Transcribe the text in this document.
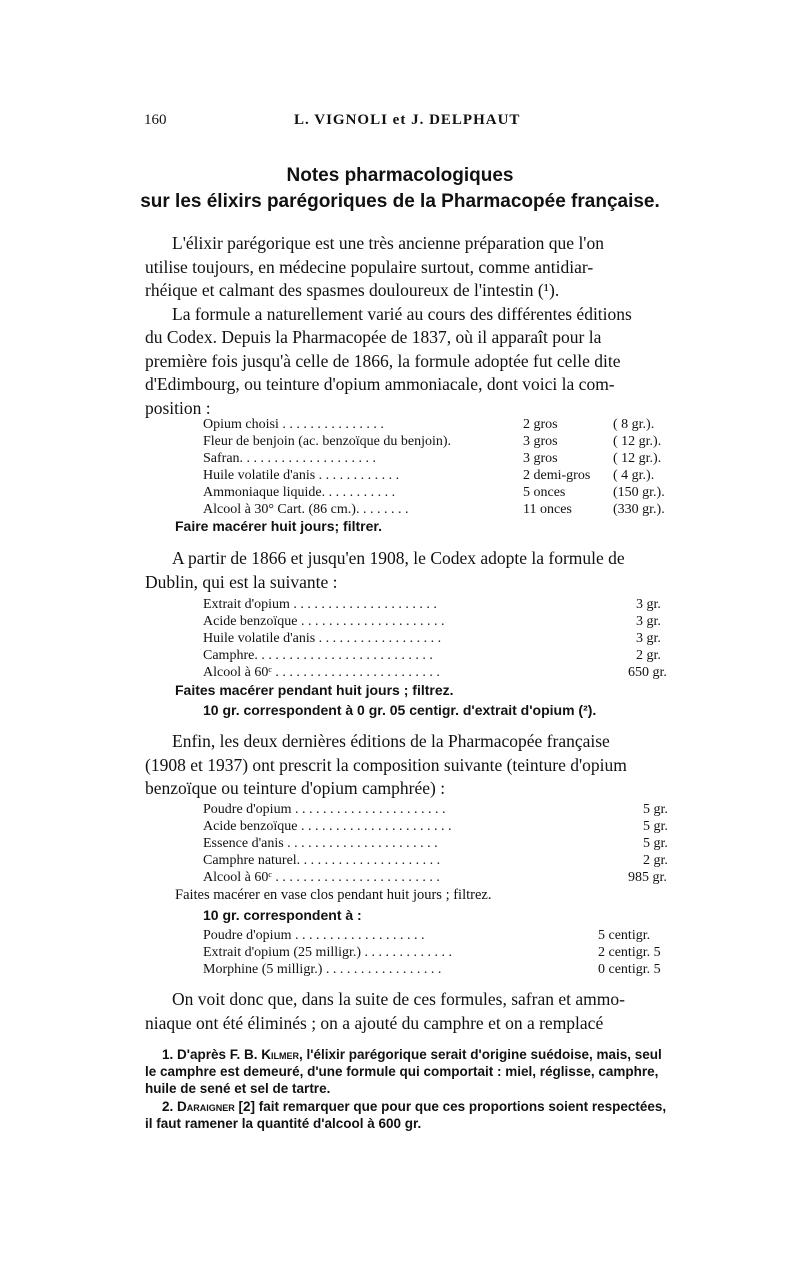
160	L. VIGNOLI et J. DELPHAUT
Notes pharmacologiques
sur les élixirs parégoriques de la Pharmacopée française.
L'élixir parégorique est une très ancienne préparation que l'on
utilise toujours, en médecine populaire surtout, comme antidiar-
rhéique et calmant des spasmes douloureux de l'intestin (¹).
La formule a naturellement varié au cours des différentes éditions
du Codex. Depuis la Pharmacopée de 1837, où il apparaît pour la
première fois jusqu'à celle de 1866, la formule adoptée fut celle dite
d'Edimbourg, ou teinture d'opium ammoniacale, dont voici la com-
position :
Opium choisi . . . . . . . . . . . . . . .	2 gros	( 8 gr.).
Fleur de benjoin (ac. benzoïque du benjoin).	3 gros	( 12 gr.).
Safran. . . . . . . . . . . . . . . . . . . .	3 gros	( 12 gr.).
Huile volatile d'anis . . . . . . . . . . . .	2 demi-gros ( 4 gr.).
Ammoniaque liquide. . . . . . . . . . .	5 onces	(150 gr.).
Alcool à 30° Cart. (86 cm.). . . . . . . .	11 onces	(330 gr.).
Faire macérer huit jours; filtrer.
A partir de 1866 et jusqu'en 1908, le Codex adopte la formule de
Dublin, qui est la suivante :
Extrait d'opium . . . . . . . . . . . . . . . . . . . . .	3 gr.
Acide benzoïque . . . . . . . . . . . . . . . . . . . . .	3 gr.
Huile volatile d'anis . . . . . . . . . . . . . . . . . .	3 gr.
Camphre. . . . . . . . . . . . . . . . . . . . . . . . . .	2 gr.
Alcool à 60ᶜ . . . . . . . . . . . . . . . . . . . . . . . .	650 gr.
Faites macérer pendant huit jours ; filtrez.
10 gr. correspondent à 0 gr. 05 centigr. d'extrait d'opium (²).
Enfin, les deux dernières éditions de la Pharmacopée française
(1908 et 1937) ont prescrit la composition suivante (teinture d'opium
benzoïque ou teinture d'opium camphrée) :
Poudre d'opium . . . . . . . . . . . . . . . . . . . . . .	5 gr.
Acide benzoïque . . . . . . . . . . . . . . . . . . . . . .	5 gr.
Essence d'anis . . . . . . . . . . . . . . . . . . . . . .	5 gr.
Camphre naturel. . . . . . . . . . . . . . . . . . . . .	2 gr.
Alcool à 60ᶜ . . . . . . . . . . . . . . . . . . . . . . . .	985 gr.
Faites macérer en vase clos pendant huit jours ; filtrez.
10 gr. correspondent à :
Poudre d'opium . . . . . . . . . . . . . . . . . . .	5 centigr.
Extrait d'opium (25 milligr.) . . . . . . . . . . . . .	2 centigr. 5
Morphine (5 milligr.) . . . . . . . . . . . . . . . . .	0 centigr. 5
On voit donc que, dans la suite de ces formules, safran et ammo-
niaque ont été éliminés ; on a ajouté du camphre et on a remplacé
1. D'après F. B. Kilmer, l'élixir parégorique serait d'origine suédoise, mais, seul
le camphre est demeuré, d'une formule qui comportait : miel, réglisse, camphre,
huile de sené et sel de tartre.
2. Daraigner [2] fait remarquer que pour que ces proportions soient respectées,
il faut ramener la quantité d'alcool à 600 gr.
